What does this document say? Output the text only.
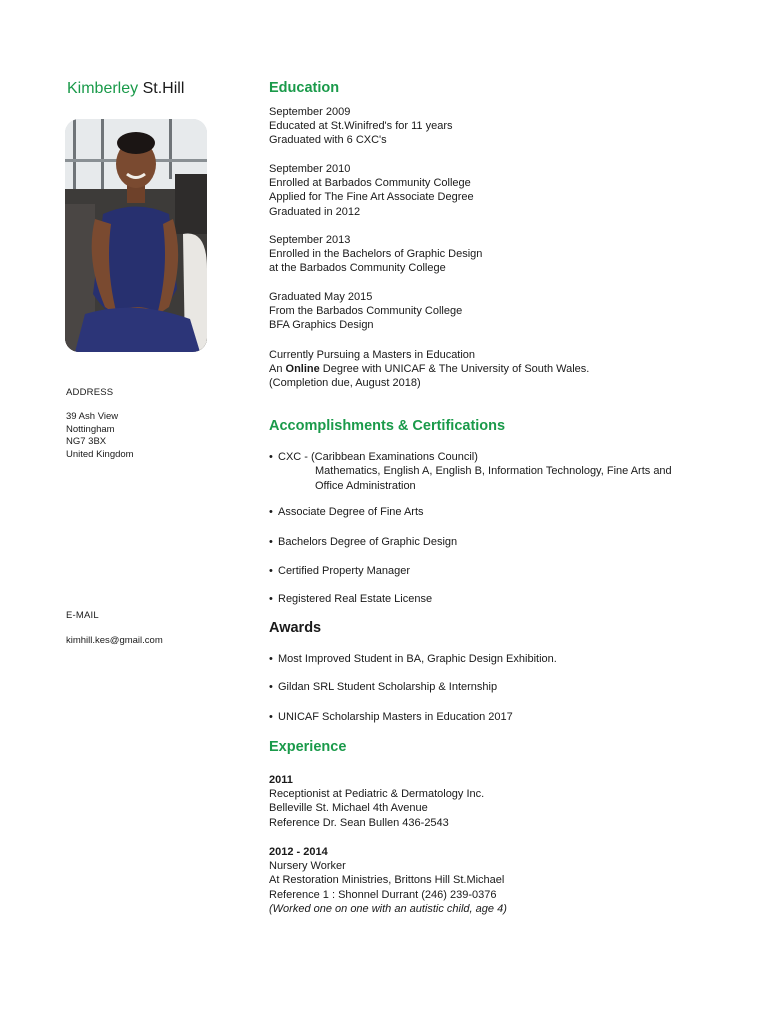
Kimberley St.Hill
ADDRESS
39 Ash View
Nottingham
NG7 3BX
United Kingdom
E-MAIL
kimhill.kes@gmail.com
Education
September 2009
Educated at St.Winifred's for 11 years
Graduated with 6 CXC's
September 2010
Enrolled at Barbados Community College
Applied for The Fine Art Associate Degree
Graduated in 2012
September 2013
Enrolled in the Bachelors of Graphic Design
at the Barbados Community College
Graduated May 2015
From the Barbados Community College
BFA Graphics Design
Currently Pursuing a Masters in Education
An Online Degree with UNICAF & The University of South Wales.
(Completion due, August 2018)
Accomplishments & Certifications
• CXC - (Caribbean Examinations Council)
Mathematics, English A, English B, Information Technology, Fine Arts and
Office Administration
• Associate Degree of Fine Arts
• Bachelors Degree of Graphic Design
• Certified Property Manager
• Registered Real Estate License
Awards
• Most Improved Student in BA, Graphic Design Exhibition.
• Gildan SRL Student Scholarship & Internship
• UNICAF Scholarship Masters in Education 2017
Experience
2011
Receptionist at Pediatric & Dermatology Inc.
Belleville St. Michael 4th Avenue
Reference Dr. Sean Bullen 436-2543
2012 - 2014
Nursery Worker
At Restoration Ministries, Brittons Hill St.Michael
Reference 1 : Shonnel Durrant (246) 239-0376
(Worked one on one with an autistic child, age 4)
